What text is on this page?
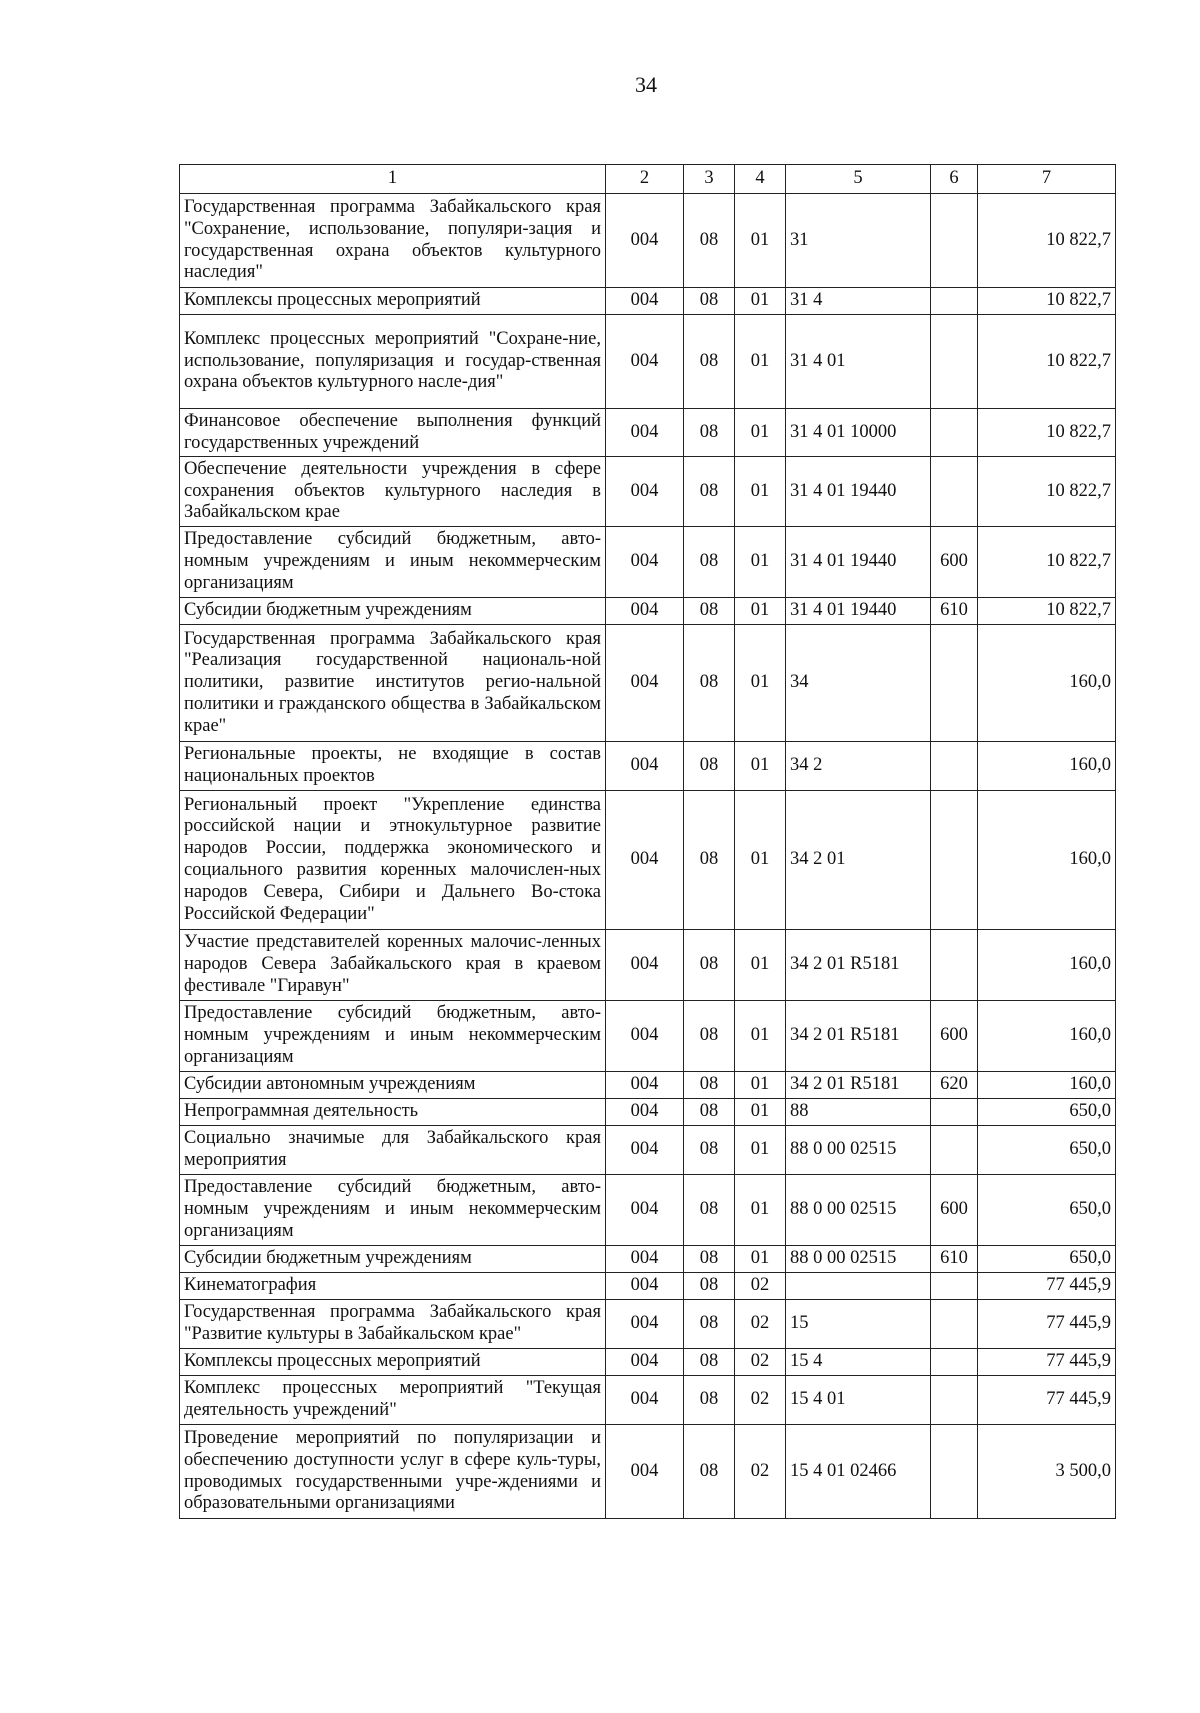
34
1	2	3	4	5	6	7
Государственная программа Забайкальского края "Сохранение, использование, популяри-зация и государственная охрана объектов культурного наследия"	004	08	01	31		10 822,7
Комплексы процессных мероприятий	004	08	01	31 4		10 822,7
Комплекс процессных мероприятий "Сохране-ние, использование, популяризация и государ-ственная охрана объектов культурного насле-дия"	004	08	01	31 4 01		10 822,7
Финансовое обеспечение выполнения функций государственных учреждений	004	08	01	31 4 01 10000		10 822,7
Обеспечение деятельности учреждения в сфере сохранения объектов культурного наследия в Забайкальском крае	004	08	01	31 4 01 19440		10 822,7
Предоставление субсидий бюджетным, авто-номным учреждениям и иным некоммерческим организациям	004	08	01	31 4 01 19440	600	10 822,7
Субсидии бюджетным учреждениям	004	08	01	31 4 01 19440	610	10 822,7
Государственная программа Забайкальского края "Реализация государственной националь-ной политики, развитие институтов регио-нальной политики и гражданского общества в Забайкальском крае"	004	08	01	34		160,0
Региональные проекты, не входящие в состав национальных проектов	004	08	01	34 2		160,0
Региональный проект "Укрепление единства российской нации и этнокультурное развитие народов России, поддержка экономического и социального развития коренных малочислен-ных народов Севера, Сибири и Дальнего Во-стока Российской Федерации"	004	08	01	34 2 01		160,0
Участие представителей коренных малочис-ленных народов Севера Забайкальского края в краевом фестивале "Гиравун"	004	08	01	34 2 01 R5181		160,0
Предоставление субсидий бюджетным, авто-номным учреждениям и иным некоммерческим организациям	004	08	01	34 2 01 R5181	600	160,0
Субсидии автономным учреждениям	004	08	01	34 2 01 R5181	620	160,0
Непрограммная деятельность	004	08	01	88		650,0
Социально значимые для Забайкальского края мероприятия	004	08	01	88 0 00 02515		650,0
Предоставление субсидий бюджетным, авто-номным учреждениям и иным некоммерческим организациям	004	08	01	88 0 00 02515	600	650,0
Субсидии бюджетным учреждениям	004	08	01	88 0 00 02515	610	650,0
Кинематография	004	08	02			77 445,9
Государственная программа Забайкальского края "Развитие культуры в Забайкальском крае"	004	08	02	15		77 445,9
Комплексы процессных мероприятий	004	08	02	15 4		77 445,9
Комплекс процессных мероприятий "Текущая деятельность учреждений"	004	08	02	15 4 01		77 445,9
Проведение мероприятий по популяризации и обеспечению доступности услуг в сфере куль-туры, проводимых государственными учре-ждениями и образовательными организациями	004	08	02	15 4 01 02466		3 500,0
